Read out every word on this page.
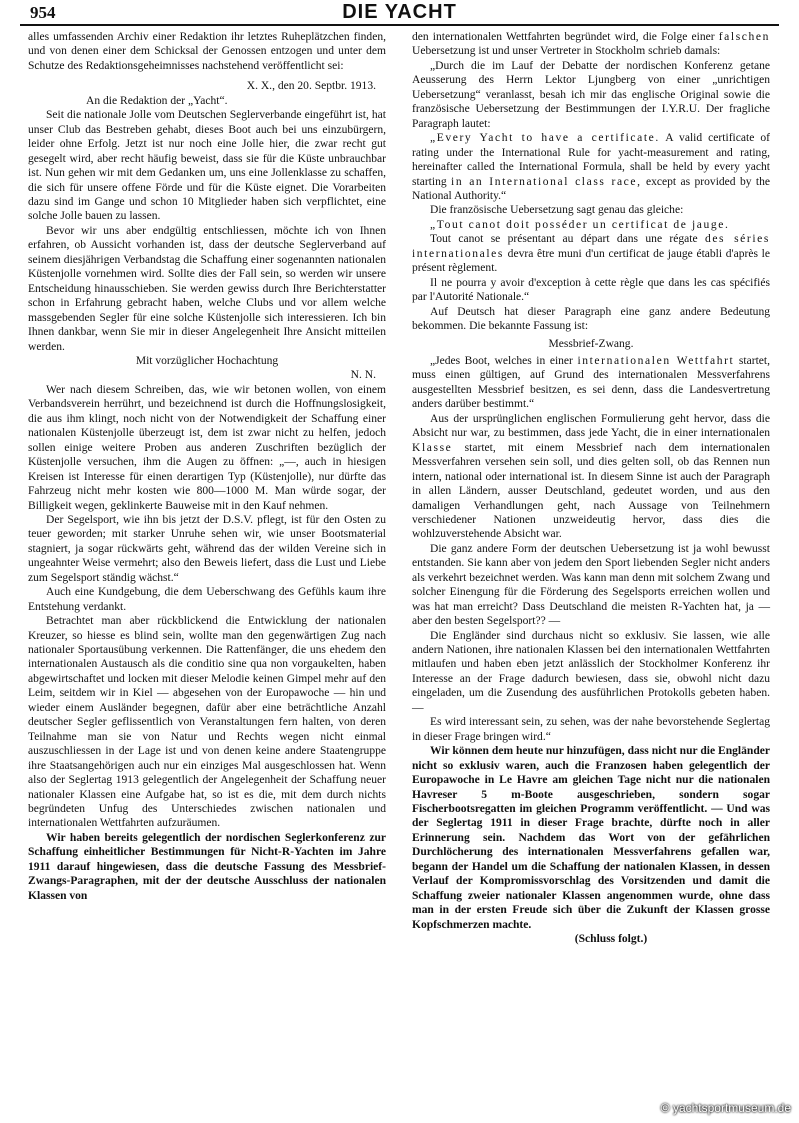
954	DIE YACHT

alles umfassenden Archiv einer Redaktion ihr letztes Ruheplätzchen finden, und von denen einer dem Schicksal der Genossen entzogen und unter dem Schutze des Redaktionsgeheimnisses nachstehend veröffentlicht sei:

X. X., den 20. Septbr. 1913.

An die Redaktion der „Yacht“.

Seit die nationale Jolle vom Deutschen Seglerverbande eingeführt ist, hat unser Club das Bestreben gehabt, dieses Boot auch bei uns einzubürgern, leider ohne Erfolg. Jetzt ist nur noch eine Jolle hier, die zwar recht gut gesegelt wird, aber recht häufig beweist, dass sie für die Küste unbrauchbar ist. Nun gehen wir mit dem Gedanken um, uns eine Jollenklasse zu schaffen, die sich für unsere offene Förde und für die Küste eignet. Die Vorarbeiten dazu sind im Gange und schon 10 Mitglieder haben sich verpflichtet, eine solche Jolle bauen zu lassen.

Bevor wir uns aber endgültig entschliessen, möchte ich von Ihnen erfahren, ob Aussicht vorhanden ist, dass der deutsche Seglerverband auf seinem diesjährigen Verbandstag die Schaffung einer sogenannten nationalen Küstenjolle vornehmen wird. Sollte dies der Fall sein, so werden wir unsere Entscheidung hinausschieben. Sie werden gewiss durch Ihre Berichterstatter schon in Erfahrung gebracht haben, welche Clubs und vor allem welche massgebenden Segler für eine solche Küstenjolle sich interessieren. Ich bin Ihnen dankbar, wenn Sie mir in dieser Angelegenheit Ihre Ansicht mitteilen werden.

Mit vorzüglicher Hochachtung

N. N.

Wer nach diesem Schreiben, das, wie wir betonen wollen, von einem Verbandsverein herrührt, und bezeichnend ist durch die Hoffnungslosigkeit, die aus ihm klingt, noch nicht von der Notwendigkeit der Schaffung einer nationalen Küstenjolle überzeugt ist, dem ist zwar nicht zu helfen, jedoch sollen einige weitere Proben aus anderen Zuschriften bezüglich der Küstenjolle versuchen, ihm die Augen zu öffnen: „—, auch in hiesigen Kreisen ist Interesse für einen derartigen Typ (Küstenjolle), nur dürfte das Fahrzeug nicht mehr kosten wie 800—1000 M. Man würde sogar, der Billigkeit wegen, geklinkerte Bauweise mit in den Kauf nehmen.

Der Segelsport, wie ihn bis jetzt der D.S.V. pflegt, ist für den Osten zu teuer geworden; mit starker Unruhe sehen wir, wie unser Bootsmaterial stagniert, ja sogar rückwärts geht, während das der wilden Vereine sich in ungeahnter Weise vermehrt; also den Beweis liefert, dass die Lust und Liebe zum Segelsport ständig wächst.“

Auch eine Kundgebung, die dem Ueberschwang des Gefühls kaum ihre Entstehung verdankt.

Betrachtet man aber rückblickend die Entwicklung der nationalen Kreuzer, so hiesse es blind sein, wollte man den gegenwärtigen Zug nach nationaler Sportausübung verkennen. Die Rattenfänger, die uns ehedem den internationalen Austausch als die conditio sine qua non vorgaukelten, haben abgewirtschaftet und locken mit dieser Melodie keinen Gimpel mehr auf den Leim, seitdem wir in Kiel — abgesehen von der Europawoche — hin und wieder einem Ausländer begegnen, dafür aber eine beträchtliche Anzahl deutscher Segler geflissentlich von Veranstaltungen fern halten, von deren Teilnahme man sie von Natur und Rechts wegen nicht einmal auszuschliessen in der Lage ist und von denen keine andere Staatengruppe ihre Staatsangehörigen auch nur ein einziges Mal ausgeschlossen hat. Wenn also der Seglertag 1913 gelegentlich der Angelegenheit der Schaffung neuer nationaler Klassen eine Aufgabe hat, so ist es die, mit dem durch nichts begründeten Unfug des Unterschiedes zwischen nationalen und internationalen Wettfahrten aufzuräumen.

Wir haben bereits gelegentlich der nordischen Seglerkonferenz zur Schaffung einheitlicher Bestimmungen für Nicht-R-Yachten im Jahre 1911 darauf hingewiesen, dass die deutsche Fassung des Messbrief-Zwangs-Paragraphen, mit der der deutsche Ausschluss der nationalen Klassen von

den internationalen Wettfahrten begründet wird, die Folge einer falschen Uebersetzung ist und unser Vertreter in Stockholm schrieb damals:

„Durch die im Lauf der Debatte der nordischen Konferenz getane Aeusserung des Herrn Lektor Ljungberg von einer „unrichtigen Uebersetzung“ veranlasst, besah ich mir das englische Original sowie die französische Uebersetzung der Bestimmungen der I.Y.R.U. Der fragliche Paragraph lautet:

„Every Yacht to have a certificate. A valid certificate of rating under the International Rule for yacht-measurement and rating, hereinafter called the International Formula, shall be held by every yacht starting in an International class race, except as provided by the National Authority.“

Die französische Uebersetzung sagt genau das gleiche:

„Tout canot doit posséder un certificat de jauge.

Tout canot se présentant au départ dans une régate des séries internationales devra être muni d'un certificat de jauge établi d'après le présent règlement.

Il ne pourra y avoir d'exception à cette règle que dans les cas spécifiés par l'Autorité Nationale.“

Auf Deutsch hat dieser Paragraph eine ganz andere Bedeutung bekommen. Die bekannte Fassung ist:

Messbrief-Zwang.

„Jedes Boot, welches in einer internationalen Wettfahrt startet, muss einen gültigen, auf Grund des internationalen Messverfahrens ausgestellten Messbrief besitzen, es sei denn, dass die Landesvertretung anders darüber bestimmt.“

Aus der ursprünglichen englischen Formulierung geht hervor, dass die Absicht nur war, zu bestimmen, dass jede Yacht, die in einer internationalen Klasse startet, mit einem Messbrief nach dem internationalen Messverfahren versehen sein soll, und dies gelten soll, ob das Rennen nun intern, national oder international ist. In diesem Sinne ist auch der Paragraph in allen Ländern, ausser Deutschland, gedeutet worden, und aus den damaligen Verhandlungen geht, nach Aussage von Teilnehmern verschiedener Nationen unzweideutig hervor, dass dies die wohlzuverstehende Absicht war.

Die ganz andere Form der deutschen Uebersetzung ist ja wohl bewusst entstanden. Sie kann aber von jedem den Sport liebenden Segler nicht anders als verkehrt bezeichnet werden. Was kann man denn mit solchem Zwang und solcher Einengung für die Förderung des Segelsports erreichen wollen und was hat man erreicht? Dass Deutschland die meisten R-Yachten hat, ja — aber den besten Segelsport?? —

Die Engländer sind durchaus nicht so exklusiv. Sie lassen, wie alle andern Nationen, ihre nationalen Klassen bei den internationalen Wettfahrten mitlaufen und haben eben jetzt anlässlich der Stockholmer Konferenz ihr Interesse an der Frage dadurch bewiesen, dass sie, obwohl nicht dazu eingeladen, um die Zusendung des ausführlichen Protokolls gebeten haben. —

Es wird interessant sein, zu sehen, was der nahe bevorstehende Seglertag in dieser Frage bringen wird.“

Wir können dem heute nur hinzufügen, dass nicht nur die Engländer nicht so exklusiv waren, auch die Franzosen haben gelegentlich der Europawoche in Le Havre am gleichen Tage nicht nur die nationalen Havreser 5 m-Boote ausgeschrieben, sondern sogar Fischerbootsregatten im gleichen Programm veröffentlicht. — Und was der Seglertag 1911 in dieser Frage brachte, dürfte noch in aller Erinnerung sein. Nachdem das Wort von der gefährlichen Durchlöcherung des internationalen Messverfahrens gefallen war, begann der Handel um die Schaffung der nationalen Klassen, in dessen Verlauf der Kompromissvorschlag des Vorsitzenden und damit die Schaffung zweier nationaler Klassen angenommen wurde, ohne dass man in der ersten Freude sich über die Zukunft der Klassen grosse Kopfschmerzen machte.

(Schluss folgt.)

© yachtsportmuseum.de
